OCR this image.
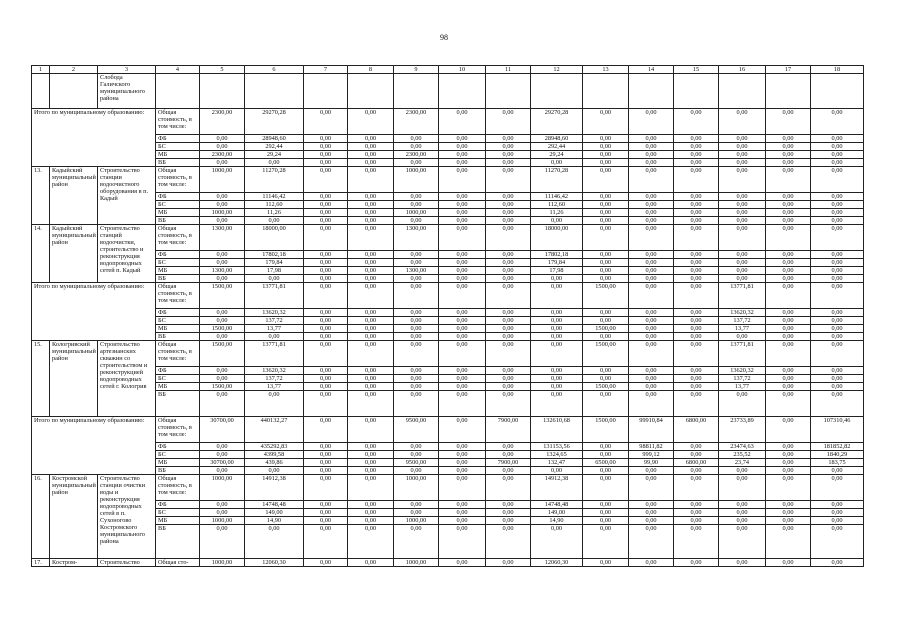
98
1	2	3	4	5	6	7	8	9	10	11	12	13	14	15	16	17	18
		Слобода Галичского муниципального района															
Итого по муниципальному образованию:			Общая стоимость, в том числе:	2300,00	29270,28	0,00	0,00	2300,00	0,00	0,00	29270,28	0,00	0,00	0,00	0,00	0,00	0,00
			ФБ	0,00	28948,60	0,00	0,00	0,00	0,00	0,00	28948,60	0,00	0,00	0,00	0,00	0,00	0,00
			БС	0,00	292,44	0,00	0,00	0,00	0,00	0,00	292,44	0,00	0,00	0,00	0,00	0,00	0,00
			МБ	2300,00	29,24	0,00	0,00	2300,00	0,00	0,00	29,24	0,00	0,00	0,00	0,00	0,00	0,00
			ВБ	0,00	0,00	0,00	0,00	0,00	0,00	0,00	0,00	0,00	0,00	0,00	0,00	0,00	0,00
13.	Кадыйский муниципальный район	Строительство станции водоочистного оборудования в п. Кадый	Общая стоимость, в том числе:	1000,00	11270,28	0,00	0,00	1000,00	0,00	0,00	11270,28	0,00	0,00	0,00	0,00	0,00	0,00
			ФБ	0,00	11146,42	0,00	0,00	0,00	0,00	0,00	11146,42	0,00	0,00	0,00	0,00	0,00	0,00
			БС	0,00	112,60	0,00	0,00	0,00	0,00	0,00	112,60	0,00	0,00	0,00	0,00	0,00	0,00
			МБ	1000,00	11,26	0,00	0,00	1000,00	0,00	0,00	11,26	0,00	0,00	0,00	0,00	0,00	0,00
			ВБ	0,00	0,00	0,00	0,00	0,00	0,00	0,00	0,00	0,00	0,00	0,00	0,00	0,00	0,00
14.	Кадыйский муниципальный район	Строительство станций водоочистки, строительство и реконструкция водопроводных сетей п. Кадый	Общая стоимость, в том числе:	1300,00	18000,00	0,00	0,00	1300,00	0,00	0,00	18000,00	0,00	0,00	0,00	0,00	0,00	0,00
			ФБ	0,00	17802,18	0,00	0,00	0,00	0,00	0,00	17802,18	0,00	0,00	0,00	0,00	0,00	0,00
			БС	0,00	179,84	0,00	0,00	0,00	0,00	0,00	179,84	0,00	0,00	0,00	0,00	0,00	0,00
			МБ	1300,00	17,98	0,00	0,00	1300,00	0,00	0,00	17,98	0,00	0,00	0,00	0,00	0,00	0,00
			ВБ	0,00	0,00	0,00	0,00	0,00	0,00	0,00	0,00	0,00	0,00	0,00	0,00	0,00	0,00
Итого по муниципальному образованию:			Общая стоимость, в том числе:	1500,00	13771,81	0,00	0,00	0,00	0,00	0,00	0,00	1500,00	0,00	0,00	13771,81	0,00	0,00
			ФБ	0,00	13620,32	0,00	0,00	0,00	0,00	0,00	0,00	0,00	0,00	0,00	13620,32	0,00	0,00
			БС	0,00	137,72	0,00	0,00	0,00	0,00	0,00	0,00	0,00	0,00	0,00	137,72	0,00	0,00
			МБ	1500,00	13,77	0,00	0,00	0,00	0,00	0,00	0,00	1500,00	0,00	0,00	13,77	0,00	0,00
			ВБ	0,00	0,00	0,00	0,00	0,00	0,00	0,00	0,00	0,00	0,00	0,00	0,00	0,00	0,00
15.	Кологривский муниципальный район	Строительство артезианских скважин со строительством и реконструкцией водопроводных сетей г. Кологрив	Общая стоимость, в том числе:	1500,00	13771,81	0,00	0,00	0,00	0,00	0,00	0,00	1500,00	0,00	0,00	13771,81	0,00	0,00
			ФБ	0,00	13620,32	0,00	0,00	0,00	0,00	0,00	0,00	0,00	0,00	0,00	13620,32	0,00	0,00
			БС	0,00	137,72	0,00	0,00	0,00	0,00	0,00	0,00	0,00	0,00	0,00	137,72	0,00	0,00
			МБ	1500,00	13,77	0,00	0,00	0,00	0,00	0,00	0,00	1500,00	0,00	0,00	13,77	0,00	0,00
			ВБ	0,00	0,00	0,00	0,00	0,00	0,00	0,00	0,00	0,00	0,00	0,00	0,00	0,00	0,00
Итого по муниципальному образованию:			Общая стоимость, в том числе:	30700,00	440132,27	0,00	0,00	9500,00	0,00	7900,00	132610,68	1500,00	99910,84	6800,00	23733,89	0,00	107310,46
			ФБ	0,00	435292,83	0,00	0,00	0,00	0,00	0,00	131153,56	0,00	98811,82	0,00	23474,63	0,00	181852,82
			БС	0,00	4399,58	0,00	0,00	0,00	0,00	0,00	1324,65	0,00	999,12	0,00	235,52	0,00	1840,29
			МБ	30700,00	439,86	0,00	0,00	9500,00	0,00	7900,00	132,47	6500,00	99,90	6800,00	23,74	0,00	183,75
			ВБ	0,00	0,00	0,00	0,00	0,00	0,00	0,00	0,00	0,00	0,00	0,00	0,00	0,00	0,00
16.	Костромской муниципальный район	Строительство станции очистки воды и реконструкция водопроводных сетей в п. Сухоногово Костромского муниципального района	Общая стоимость, в том числе:	1000,00	14912,38	0,00	0,00	1000,00	0,00	0,00	14912,38	0,00	0,00	0,00	0,00	0,00	0,00
			ФБ	0,00	14748,48	0,00	0,00	0,00	0,00	0,00	14748,48	0,00	0,00	0,00	0,00	0,00	0,00
			БС	0,00	149,00	0,00	0,00	0,00	0,00	0,00	149,00	0,00	0,00	0,00	0,00	0,00	0,00
			МБ	1000,00	14,90	0,00	0,00	1000,00	0,00	0,00	14,90	0,00	0,00	0,00	0,00	0,00	0,00
			ВБ	0,00	0,00	0,00	0,00	0,00	0,00	0,00	0,00	0,00	0,00	0,00	0,00	0,00	0,00
17.	Костром-	Строительство	Общая сто-	1000,00	12060,30	0,00	0,00	1000,00	0,00	0,00	12060,30	0,00	0,00	0,00	0,00	0,00	0,00
